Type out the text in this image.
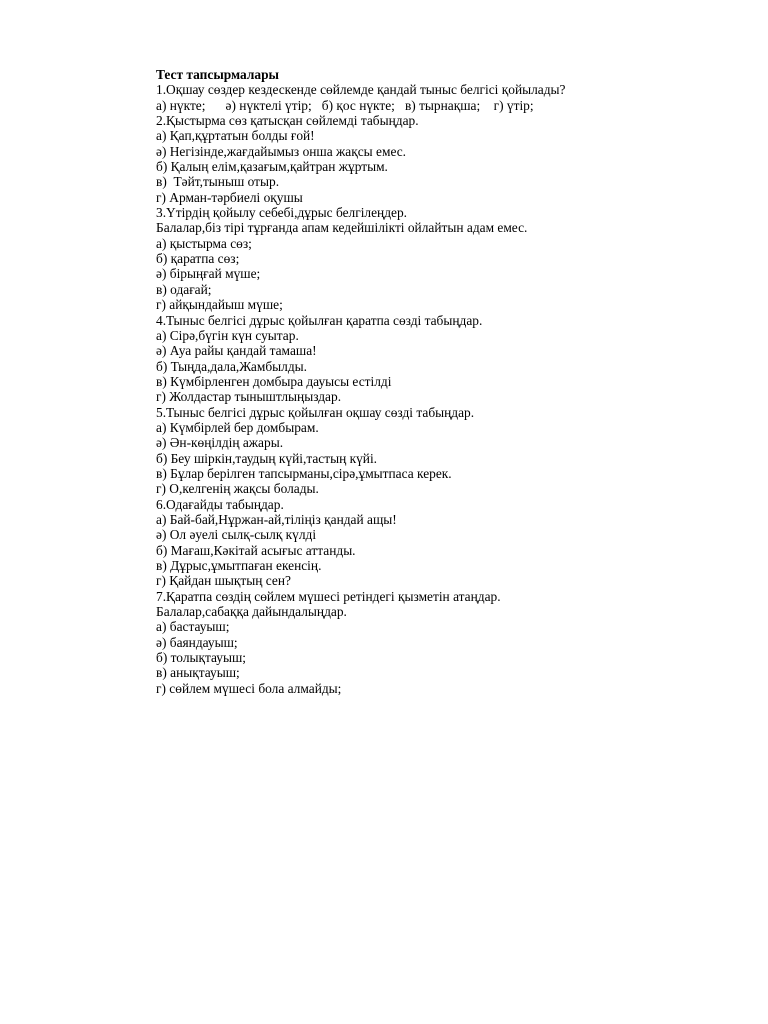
Тест тапсырмалары
1.Оқшау сөздер кездескенде сөйлемде қандай тыныс белгісі қойылады?
а) нүкте;      ә) нүктелі үтір;   б) қос нүкте;   в) тырнақша;    г) үтір;
2.Қыстырма сөз қатысқан сөйлемді табыңдар.
а) Қап,құртатын болды ғой!
ә) Негізінде,жағдайымыз онша жақсы емес.
б) Қалың елім,қазағым,қайтран жұртым.
в)  Тәйт,тыныш отыр.
г) Арман-тәрбиелі оқушы
3.Үтірдің қойылу себебі,дұрыс белгілеңдер.
Балалар,біз тірі тұрғанда апам кедейшілікті ойлайтын адам емес.
а) қыстырма сөз;
б) қаратпа сөз;
ә) бірыңғай мүше;
в) одағай;
г) айқындайыш мүше;
4.Тыныс белгісі дұрыс қойылған қаратпа сөзді табыңдар.
а) Сірә,бүгін күн суытар.
ә) Ауа райы қандай тамаша!
б) Тыңда,дала,Жамбылды.
в) Күмбірленген домбыра дауысы естілді
г) Жолдастар тыныштлыңыздар.
5.Тыныс белгісі дұрыс қойылған оқшау сөзді табыңдар.
а) Күмбірлей бер домбырам.
ә) Ән-көңілдің ажары.
б) Беу шіркін,таудың күйі,тастың күйі.
в) Бұлар берілген тапсырманы,сірә,ұмытпаса керек.
г) О,келгенің жақсы болады.
6.Одағайды табыңдар.
а) Бай-бай,Нұржан-ай,тіліңіз қандай ащы!
ә) Ол әуелі сылқ-сылқ күлді
б) Мағаш,Кәкітай асығыс аттанды.
в) Дұрыс,ұмытпаған екенсің.
г) Қайдан шықтың сен?
7.Қаратпа сөздің сөйлем мүшесі ретіндегі қызметін атаңдар.
Балалар,сабаққа дайындалыңдар.
а) бастауыш;
ә) баяндауыш;
б) толықтауыш;
в) анықтауыш;
г) сөйлем мүшесі бола алмайды;
